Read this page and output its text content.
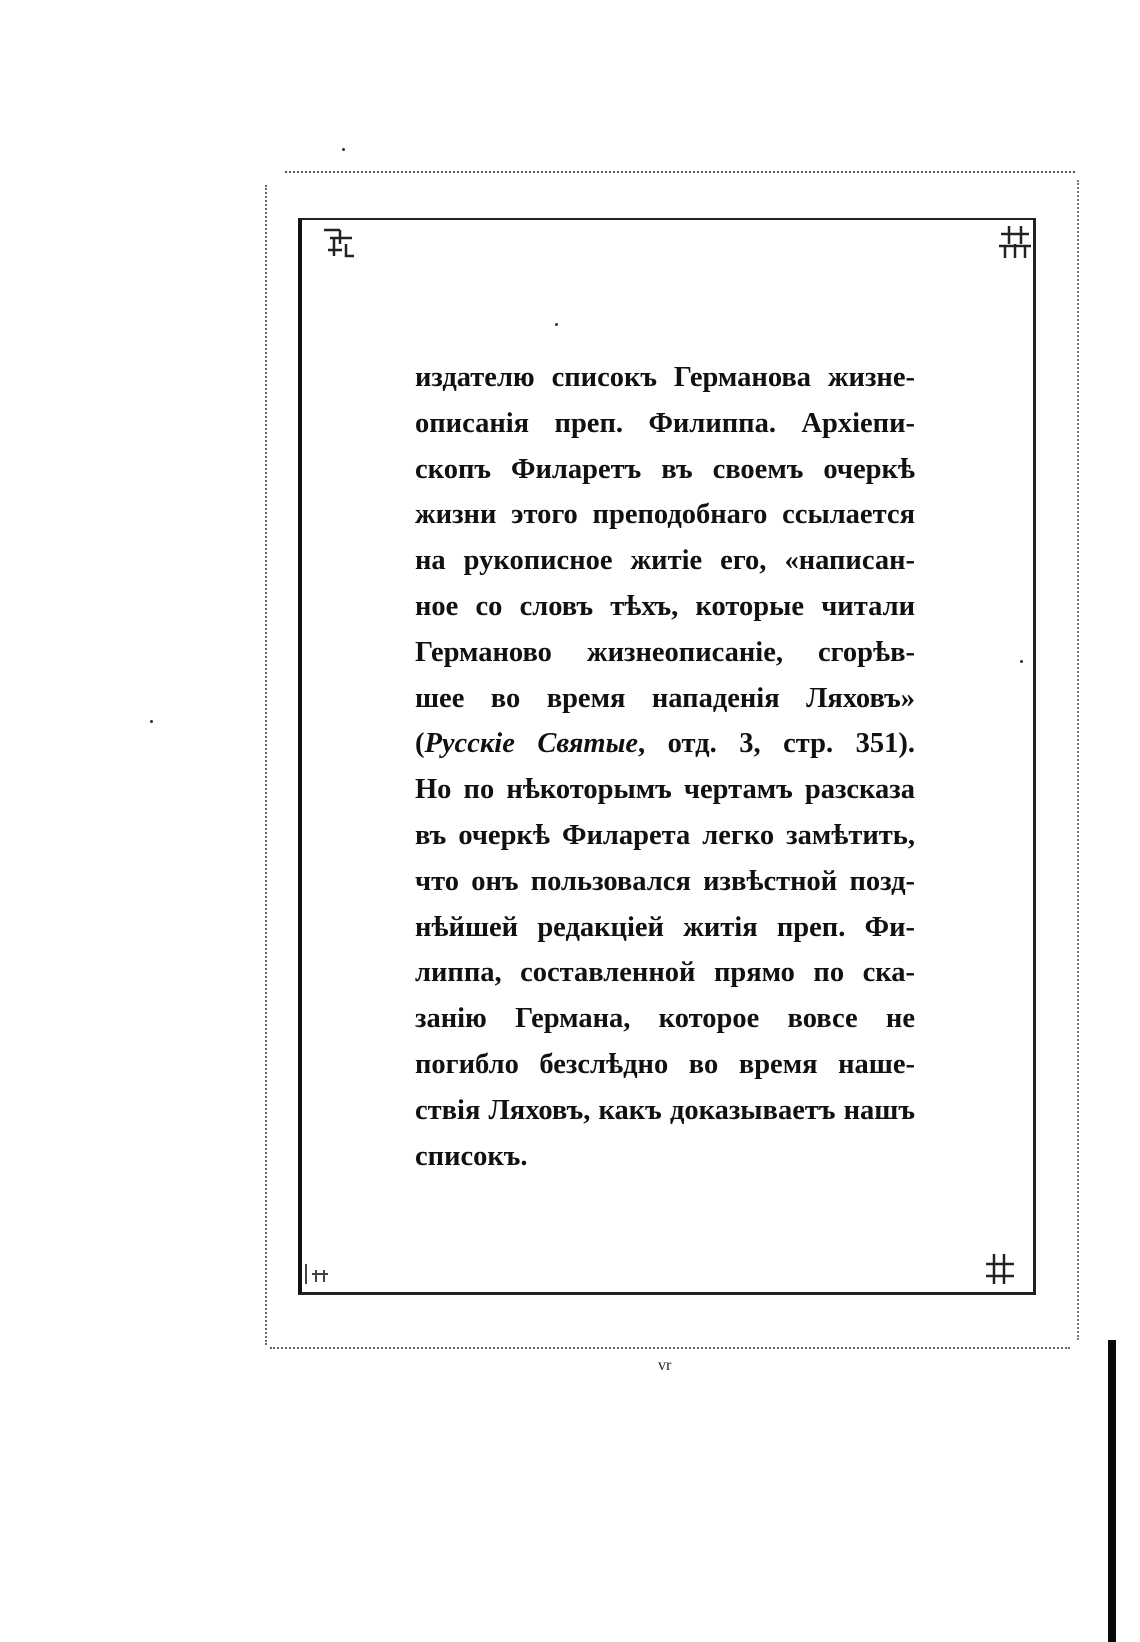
издателю списокъ Германова жизне-
описанія преп. Филиппа. Архіепи-
скопъ Филаретъ въ своемъ очеркѣ
жизни этого преподобнаго ссылается
на рукописное житіе его, «написан-
ное со словъ тѣхъ, которые читали
Германово жизнеописаніе, сгорѣв-
шее во время нападенія Ляховъ»
(Русскіе Святые, отд. 3, стр. 351).
Но по нѣкоторымъ чертамъ разсказа
въ очеркѣ Филарета легко замѣтить,
что онъ пользовался извѣстной позд-
нѣйшей редакціей житія преп. Фи-
липпа, составленной прямо по ска-
занію Германа, которое вовсе не
погибло безслѣдно во время наше-
ствія Ляховъ, какъ доказываетъ нашъ
списокъ.
vr
